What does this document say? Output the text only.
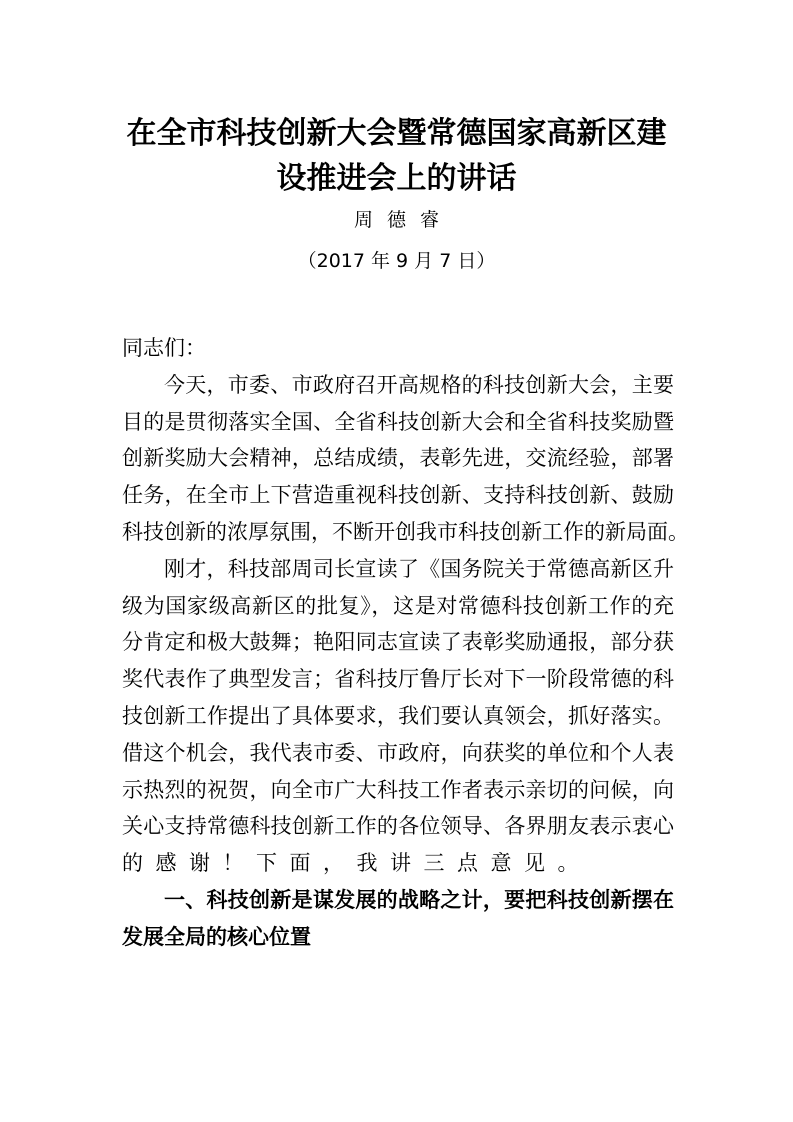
在全市科技创新大会暨常德国家高新区建
设推进会上的讲话
周德睿
（2017 年 9 月 7 日）
同志们：
今天，市委、市政府召开高规格的科技创新大会，主要
目的是贯彻落实全国、全省科技创新大会和全省科技奖励暨
创新奖励大会精神，总结成绩，表彰先进，交流经验，部署
任务，在全市上下营造重视科技创新、支持科技创新、鼓励
科技创新的浓厚氛围，不断开创我市科技创新工作的新局面。
刚才，科技部周司长宣读了《国务院关于常德高新区升
级为国家级高新区的批复》，这是对常德科技创新工作的充
分肯定和极大鼓舞；艳阳同志宣读了表彰奖励通报，部分获
奖代表作了典型发言；省科技厅鲁厅长对下一阶段常德的科
技创新工作提出了具体要求，我们要认真领会，抓好落实。
借这个机会，我代表市委、市政府，向获奖的单位和个人表
示热烈的祝贺，向全市广大科技工作者表示亲切的问候，向
关心支持常德科技创新工作的各位领导、各界朋友表示衷心
的感谢！下面，我讲三点意见。
一、科技创新是谋发展的战略之计，要把科技创新摆在
发展全局的核心位置
